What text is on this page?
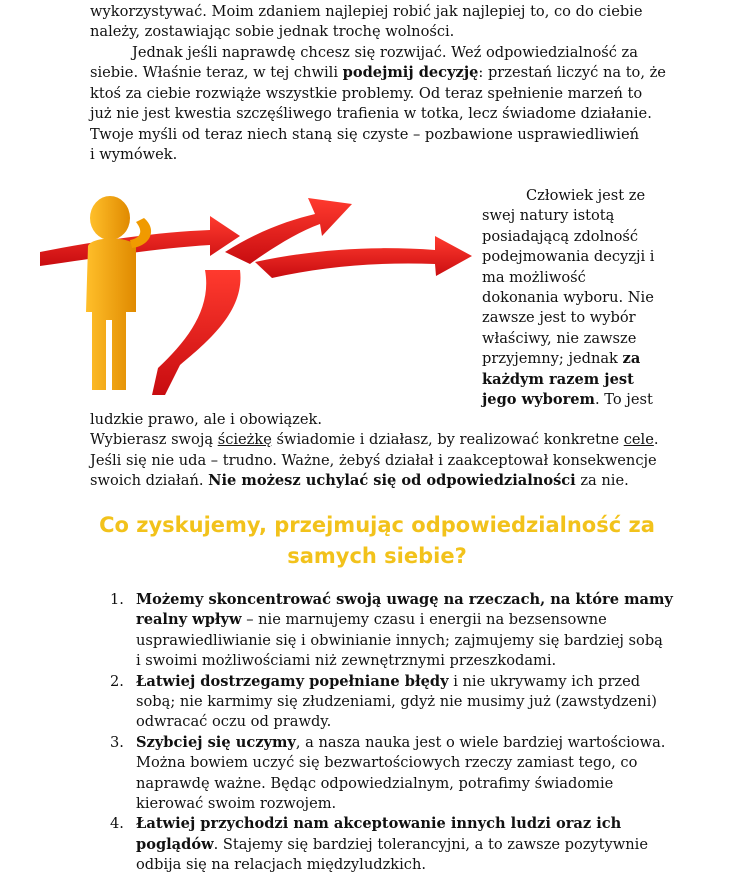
wykorzystywać. Moim zdaniem najlepiej robić jak najlepiej to, co do ciebie
należy, zostawiając sobie jednak trochę wolności.

Jednak jeśli naprawdę chcesz się rozwijać. Weź odpowiedzialność za
siebie. Właśnie teraz, w tej chwili podejmij decyzję: przestań liczyć na to, że
ktoś za ciebie rozwiąże wszystkie problemy. Od teraz spełnienie marzeń to
już nie jest kwestia szczęśliwego trafienia w totka, lecz świadome działanie.
Twoje myśli od teraz niech staną się czyste – pozbawione usprawiedliwień
i wymówek.

Człowiek jest ze
swej natury istotą
posiadającą zdolność
podejmowania decyzji i
ma możliwość
dokonania wyboru. Nie
zawsze jest to wybór
właściwy, nie zawsze
przyjemny; jednak za
każdym razem jest
jego wyborem. To jest

ludzkie prawo, ale i obowiązek.
Wybierasz swoją ścieżkę świadomie i działasz, by realizować konkretne cele.
Jeśli się nie uda – trudno. Ważne, żebyś działał i zaakceptował konsekwencje
swoich działań. Nie możesz uchylać się od odpowiedzialności za nie.

Co zyskujemy, przejmując odpowiedzialność za
samych siebie?
1. Możemy skoncentrować swoją uwagę na rzeczach, na które mamy
realny wpływ – nie marnujemy czasu i energii na bezsensowne
usprawiedliwianie się i obwinianie innych; zajmujemy się bardziej sobą
i swoimi możliwościami niż zewnętrznymi przeszkodami.
2. Łatwiej dostrzegamy popełniane błędy i nie ukrywamy ich przed
sobą; nie karmimy się złudzeniami, gdyż nie musimy już (zawstydzeni)
odwracać oczu od prawdy.
3. Szybciej się uczymy, a nasza nauka jest o wiele bardziej wartościowa.
Można bowiem uczyć się bezwartościowych rzeczy zamiast tego, co
naprawdę ważne. Będąc odpowiedzialnym, potrafimy świadomie
kierować swoim rozwojem.
4. Łatwiej przychodzi nam akceptowanie innych ludzi oraz ich
poglądów. Stajemy się bardziej tolerancyjni, a to zawsze pozytywnie
odbija się na relacjach międzyludzkich.
